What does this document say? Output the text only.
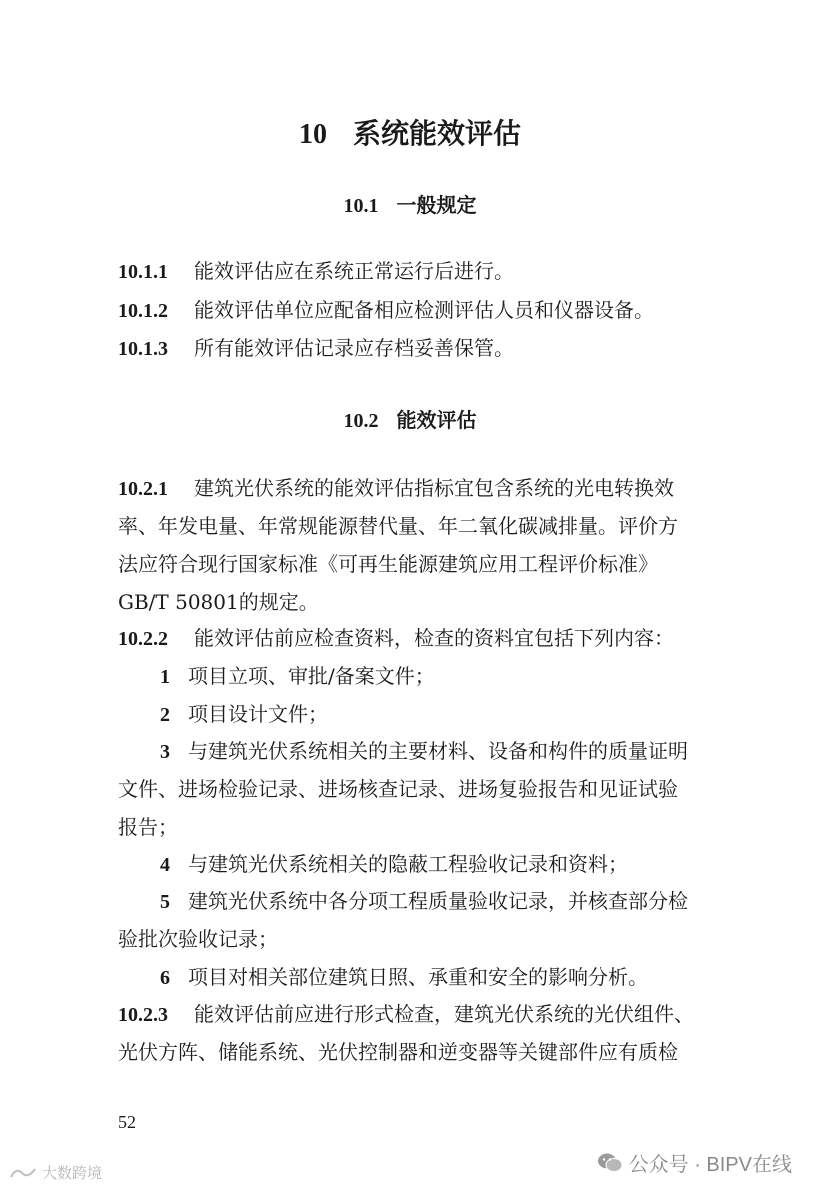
10 系统能效评估
10.1 一般规定
10.1.1 能效评估应在系统正常运行后进行。
10.1.2 能效评估单位应配备相应检测评估人员和仪器设备。
10.1.3 所有能效评估记录应存档妥善保管。
10.2 能效评估
10.2.1 建筑光伏系统的能效评估指标宜包含系统的光电转换效
率、年发电量、年常规能源替代量、年二氧化碳减排量。评价方
法应符合现行国家标准《可再生能源建筑应用工程评价标准》
GB/T 50801的规定。
10.2.2 能效评估前应检查资料，检查的资料宜包括下列内容：
1 项目立项、审批/备案文件；
2 项目设计文件；
3 与建筑光伏系统相关的主要材料、设备和构件的质量证明
文件、进场检验记录、进场核查记录、进场复验报告和见证试验
报告；
4 与建筑光伏系统相关的隐蔽工程验收记录和资料；
5 建筑光伏系统中各分项工程质量验收记录，并核查部分检
验批次验收记录；
6 项目对相关部位建筑日照、承重和安全的影响分析。
10.2.3 能效评估前应进行形式检查，建筑光伏系统的光伏组件、
光伏方阵、储能系统、光伏控制器和逆变器等关键部件应有质检
52
公众号 · BIPV在线
大数跨境
